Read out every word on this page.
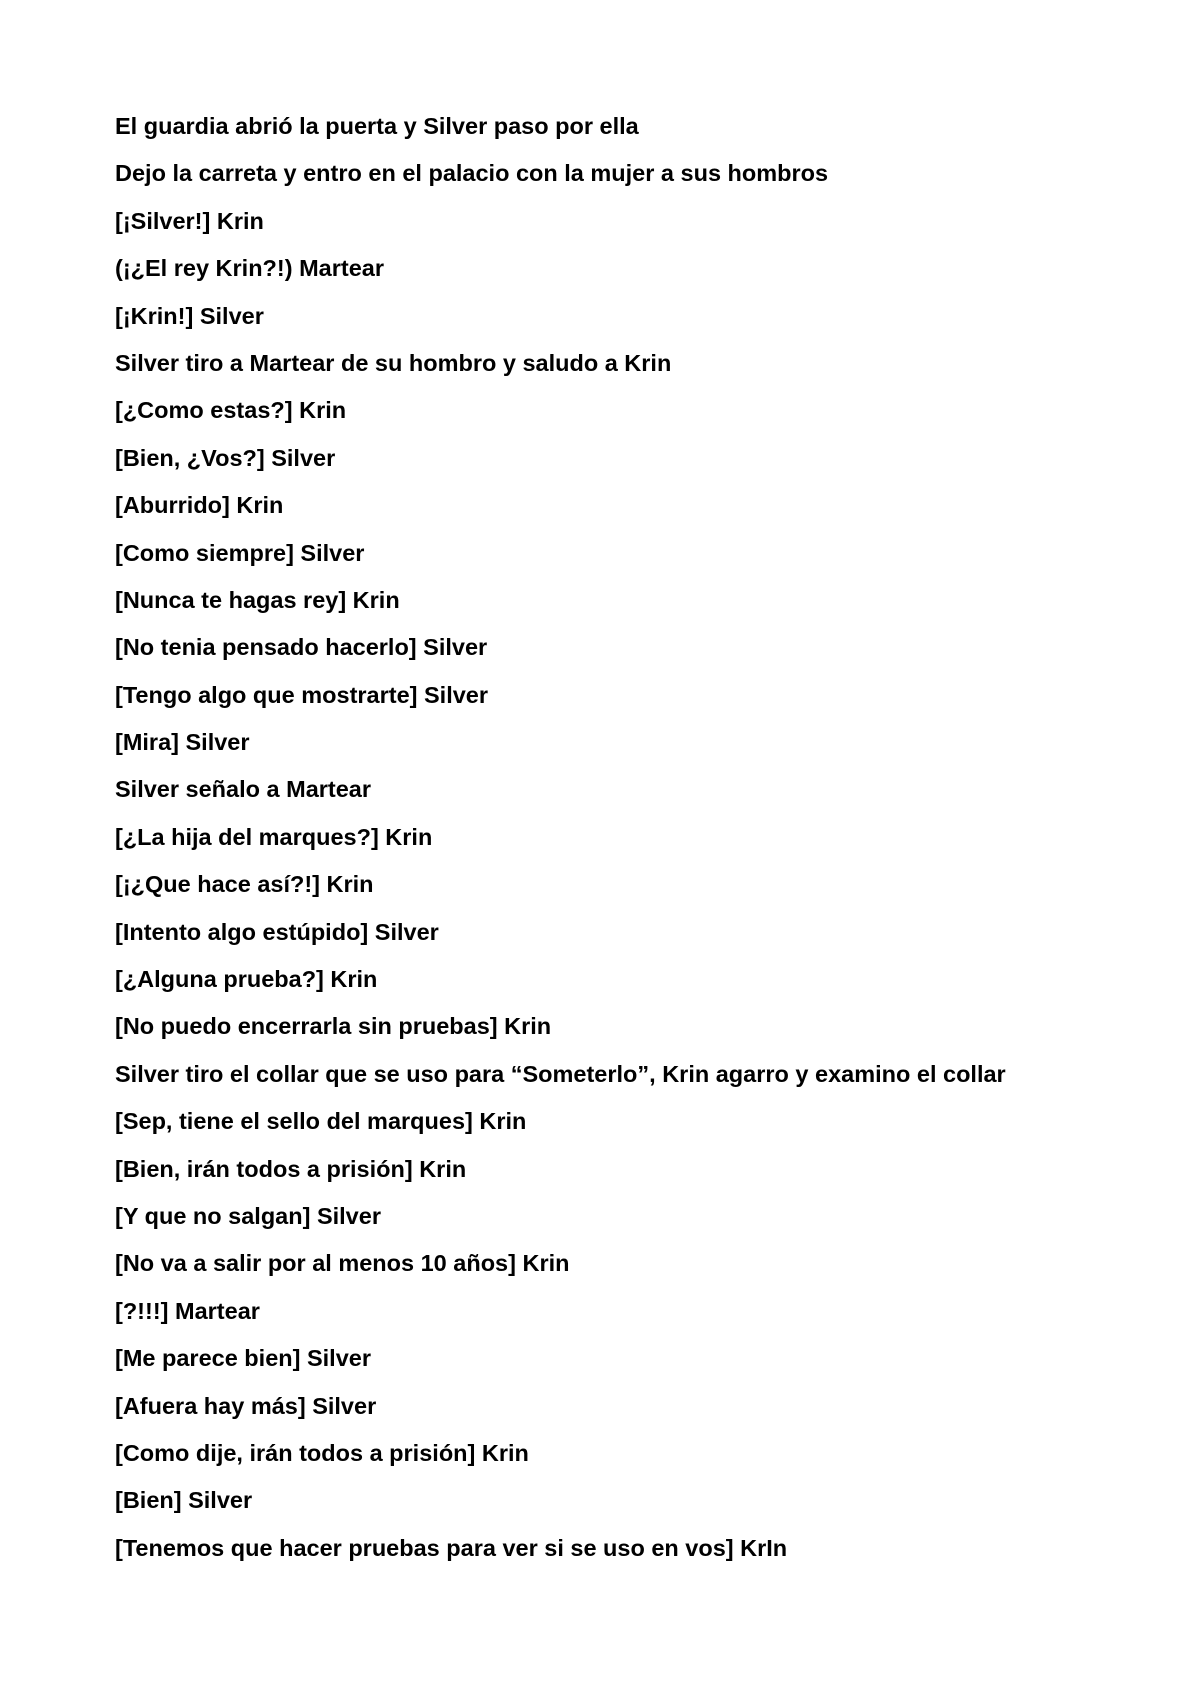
El guardia abrió la puerta y Silver paso por ella
Dejo la carreta y entro en el palacio con la mujer a sus hombros
[¡Silver!] Krin
(¡¿El rey Krin?!) Martear
[¡Krin!] Silver
Silver tiro a Martear de su hombro y saludo a Krin
[¿Como estas?] Krin
[Bien, ¿Vos?] Silver
[Aburrido] Krin
[Como siempre] Silver
[Nunca te hagas rey] Krin
[No tenia pensado hacerlo] Silver
[Tengo algo que mostrarte] Silver
[Mira] Silver
Silver señalo a Martear
[¿La hija del marques?] Krin
[¡¿Que hace así?!] Krin
[Intento algo estúpido] Silver
[¿Alguna prueba?] Krin
[No puedo encerrarla sin pruebas] Krin
Silver tiro el collar que se uso para “Someterlo”, Krin agarro y examino el collar
[Sep, tiene el sello del marques] Krin
[Bien, irán todos a prisión] Krin
[Y que no salgan] Silver
[No va a salir por al menos 10 años] Krin
[?!!!] Martear
[Me parece bien] Silver
[Afuera hay más] Silver
[Como dije, irán todos a prisión] Krin
[Bien] Silver
[Tenemos que hacer pruebas para ver si se uso en vos] KrIn
